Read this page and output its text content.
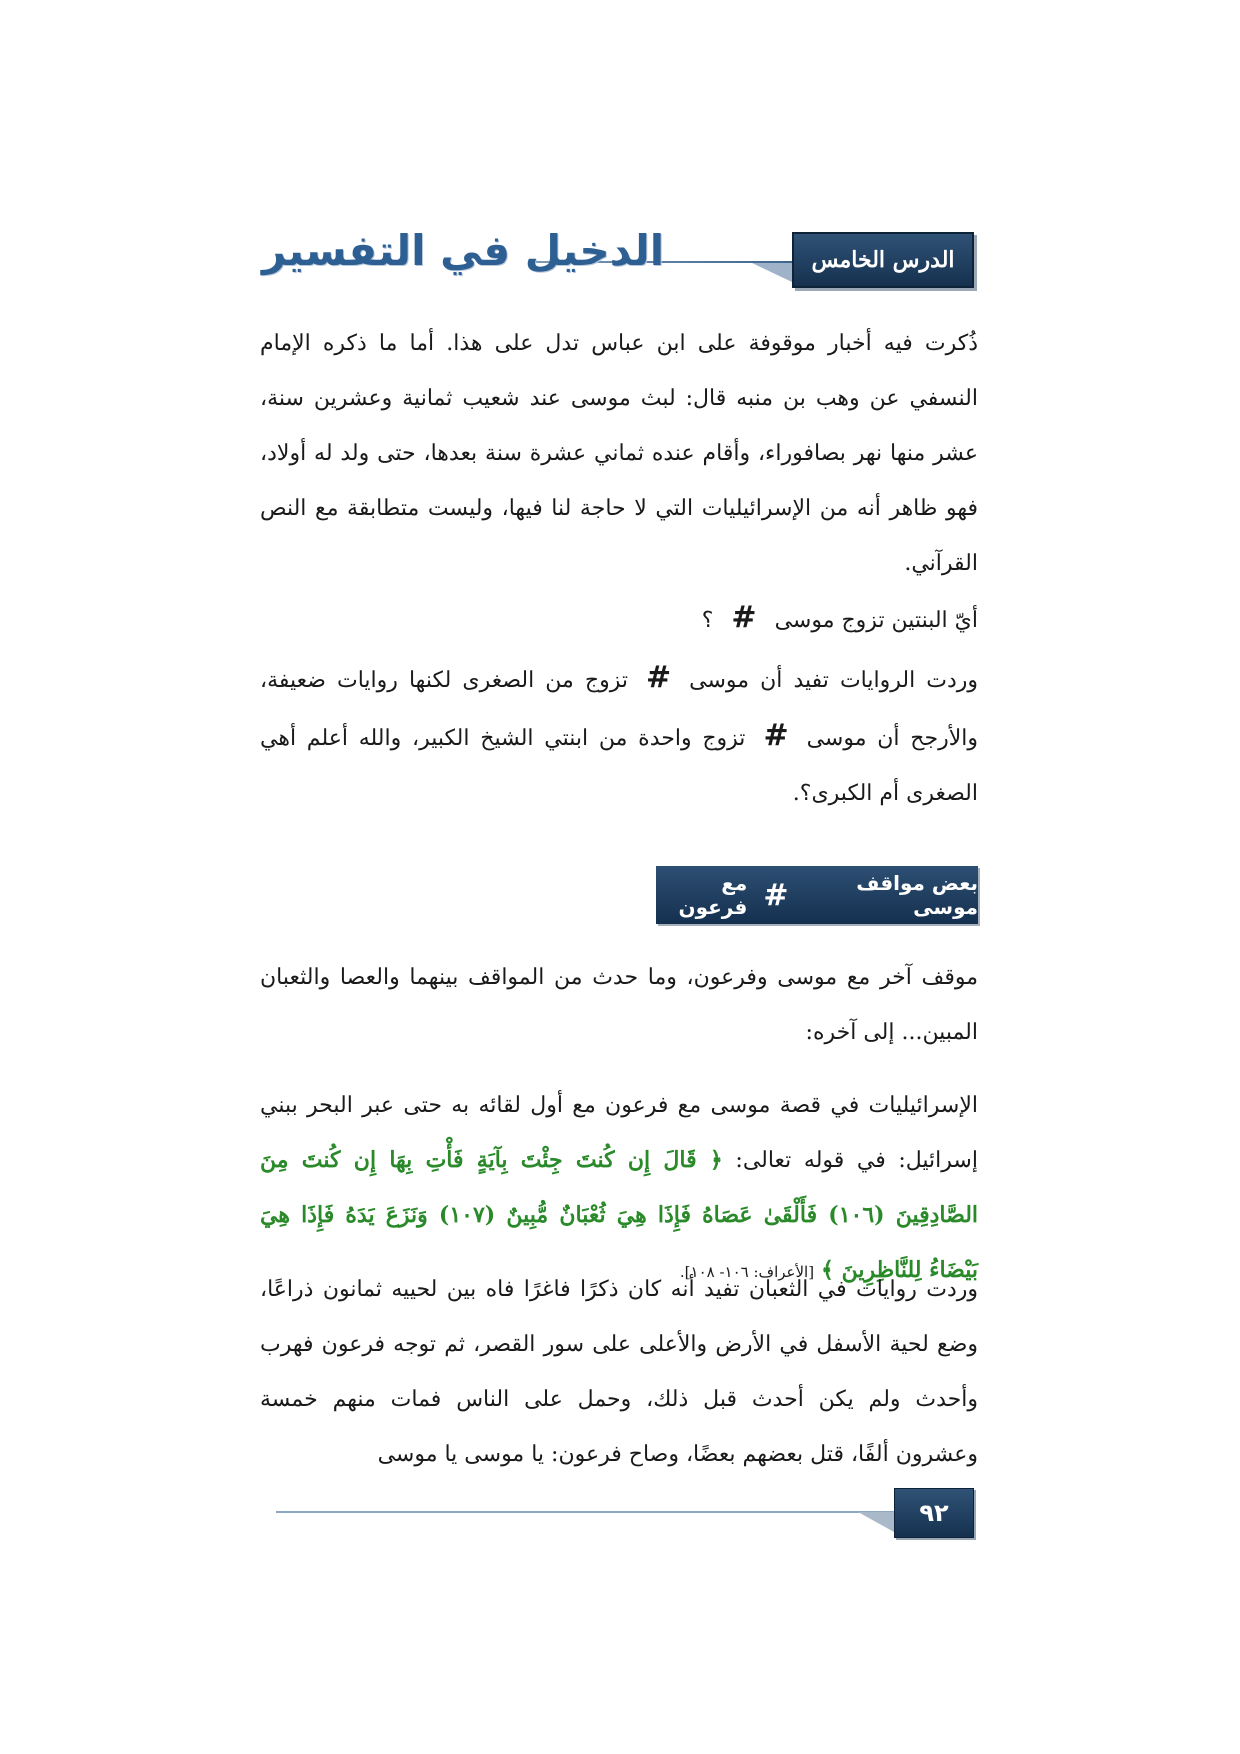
الدرس الخامس
الدخيل في التفسير

ذُكرت فيه أخبار موقوفة على ابن عباس تدل على هذا. أما ما ذكره الإمام النسفي عن وهب بن منبه قال: لبث موسى عند شعيب ثمانية وعشرين سنة، عشر منها نهر بصافوراء، وأقام عنده ثماني عشرة سنة بعدها، حتى ولد له أولاد، فهو ظاهر أنه من الإسرائيليات التي لا حاجة لنا فيها، وليست متطابقة مع النص القرآني.

أيّ البنتين تزوج موسى#؟

وردت الروايات تفيد أن موسى#تزوج من الصغرى لكنها روايات ضعيفة، والأرجح أن موسى#تزوج واحدة من ابنتي الشيخ الكبير، والله أعلم أهي الصغرى أم الكبرى؟.

بعض مواقف موسى
#
مع فرعون

موقف آخر مع موسى وفرعون، وما حدث من المواقف بينهما والعصا والثعبان المبين... إلى آخره:

الإسرائيليات في قصة موسى مع فرعون مع أول لقائه به حتى عبر البحر ببني إسرائيل: في قوله تعالى: ﴿ قَالَ إِن كُنتَ جِئْتَ بِآيَةٍ فَأْتِ بِهَا إِن كُنتَ مِنَ الصَّادِقِينَ (١٠٦) فَأَلْقَىٰ عَصَاهُ فَإِذَا هِيَ ثُعْبَانٌ مُّبِينٌ (١٠٧) وَنَزَعَ يَدَهُ فَإِذَا هِيَ بَيْضَاءُ لِلنَّاظِرِينَ ﴾ [الأعراف: ١٠٦- ١٠٨].

وردت روايات في الثعبان تفيد أنه كان ذكرًا فاغرًا فاه بين لحييه ثمانون ذراعًا، وضع لحية الأسفل في الأرض والأعلى على سور القصر، ثم توجه فرعون فهرب وأحدث ولم يكن أحدث قبل ذلك، وحمل على الناس فمات منهم خمسة وعشرون ألفًا، قتل بعضهم بعضًا، وصاح فرعون: يا موسى يا موسى

٩٢
